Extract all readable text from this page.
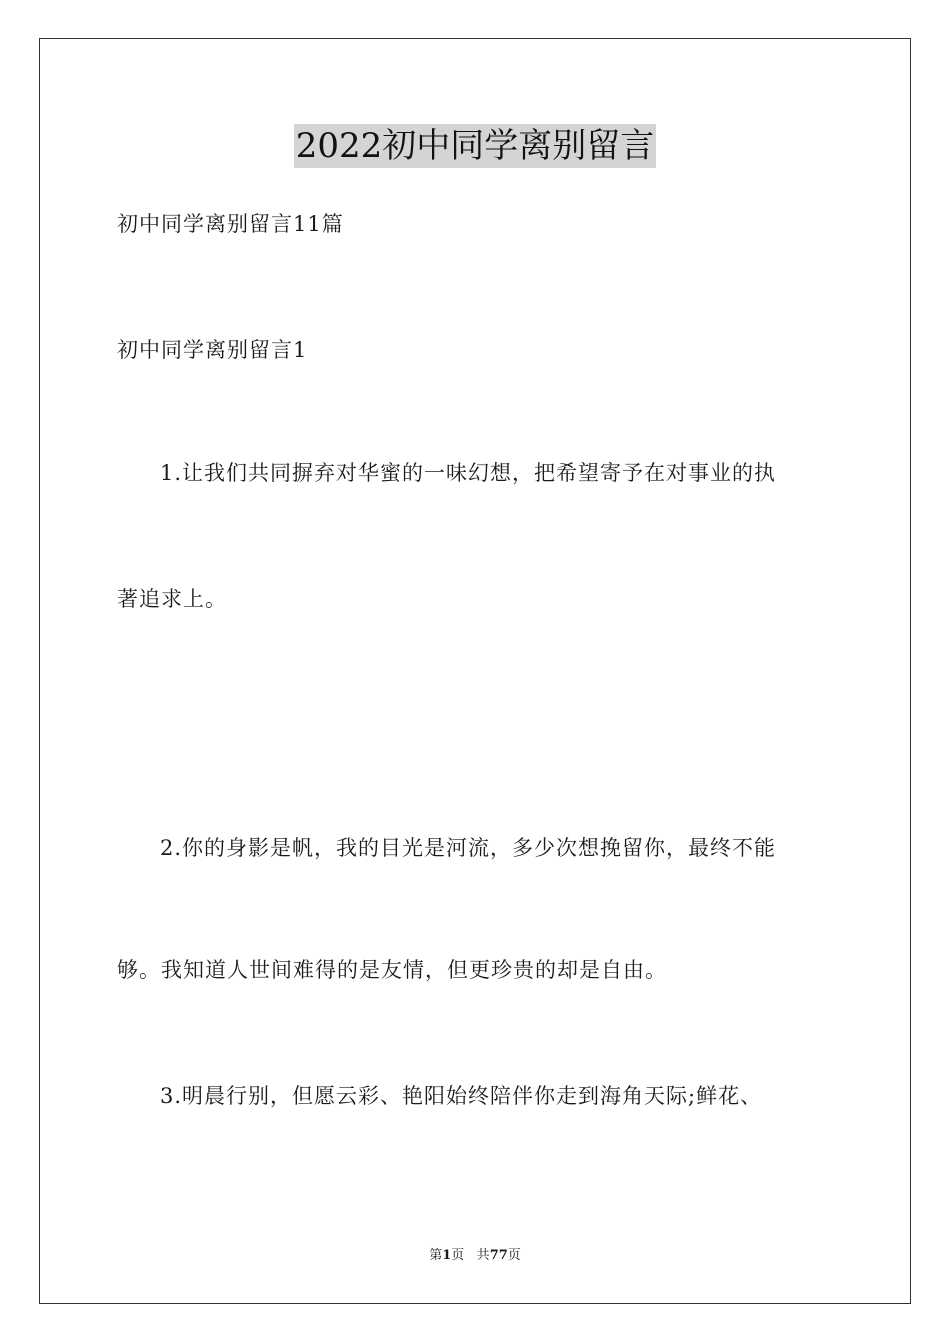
2022初中同学离别留言
初中同学离别留言11篇
初中同学离别留言1
1.让我们共同摒弃对华蜜的一味幻想，把希望寄予在对事业的执
著追求上。
2.你的身影是帆，我的目光是河流，多少次想挽留你，最终不能
够。我知道人世间难得的是友情，但更珍贵的却是自由。
3.明晨行别，但愿云彩、艳阳始终陪伴你走到海角天际;鲜花、
第1页 共77页
